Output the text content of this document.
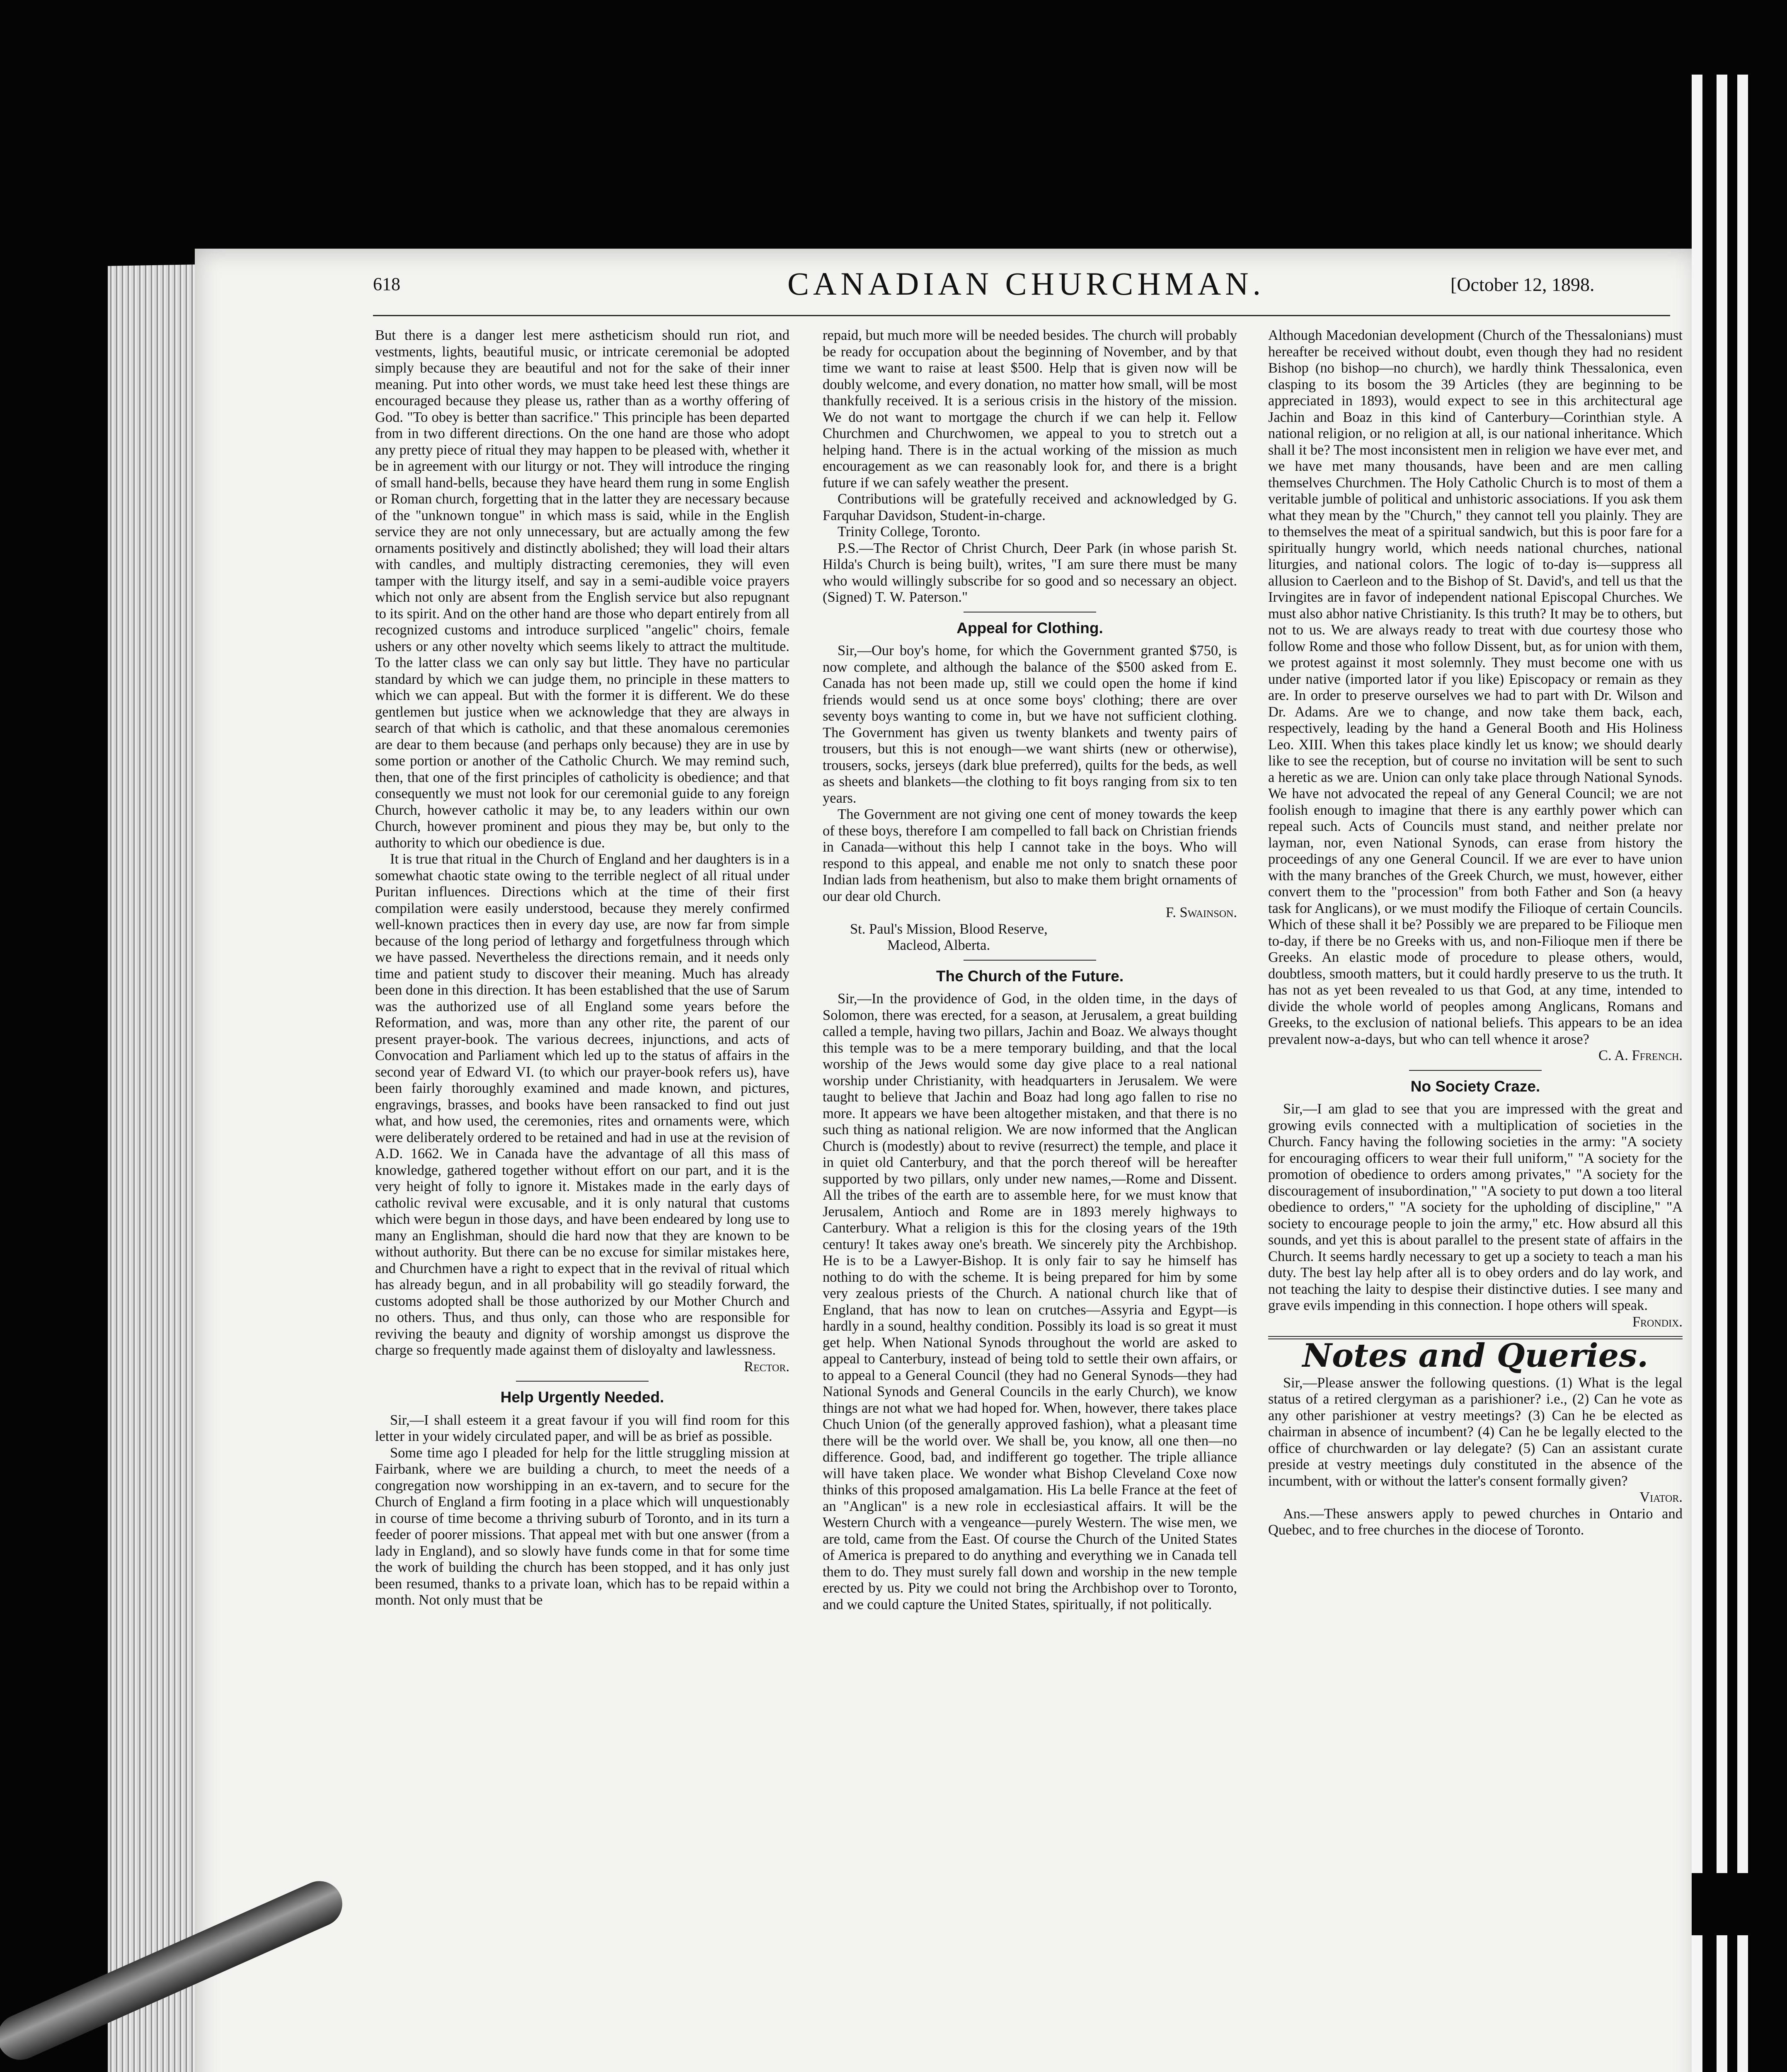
618	CANADIAN CHURCHMAN.	[October 12, 1898.

But there is a danger lest mere astheticism should run riot, and vestments, lights, beautiful music, or intricate ceremonial be adopted simply because they are beautiful and not for the sake of their inner meaning. Put into other words, we must take heed lest these things are encouraged because they please us, rather than as a worthy offering of God. "To obey is better than sacrifice." This principle has been departed from in two different directions. On the one hand are those who adopt any pretty piece of ritual they may happen to be pleased with, whether it be in agreement with our liturgy or not. They will introduce the ringing of small hand-bells, because they have heard them rung in some English or Roman church, forgetting that in the latter they are necessary because of the "unknown tongue" in which mass is said, while in the English service they are not only unnecessary, but are actually among the few ornaments positively and distinctly abolished; they will load their altars with candles, and multiply distracting ceremonies, they will even tamper with the liturgy itself, and say in a semi-audible voice prayers which not only are absent from the English service but also repugnant to its spirit. And on the other hand are those who depart entirely from all recognized customs and introduce surpliced "angelic" choirs, female ushers or any other novelty which seems likely to attract the multitude. To the latter class we can only say but little. They have no particular standard by which we can judge them, no principle in these matters to which we can appeal. But with the former it is different. We do these gentlemen but justice when we acknowledge that they are always in search of that which is catholic, and that these anomalous ceremonies are dear to them because (and perhaps only because) they are in use by some portion or another of the Catholic Church. We may remind such, then, that one of the first principles of catholicity is obedience; and that consequently we must not look for our ceremonial guide to any foreign Church, however catholic it may be, to any leaders within our own Church, however prominent and pious they may be, but only to the authority to which our obedience is due.

It is true that ritual in the Church of England and her daughters is in a somewhat chaotic state owing to the terrible neglect of all ritual under Puritan influences. Directions which at the time of their first compilation were easily understood, because they merely confirmed well-known practices then in every day use, are now far from simple because of the long period of lethargy and forgetfulness through which we have passed. Nevertheless the directions remain, and it needs only time and patient study to discover their meaning. Much has already been done in this direction. It has been established that the use of Sarum was the authorized use of all England some years before the Reformation, and was, more than any other rite, the parent of our present prayer-book. The various decrees, injunctions, and acts of Convocation and Parliament which led up to the status of affairs in the second year of Edward VI. (to which our prayer-book refers us), have been fairly thoroughly examined and made known, and pictures, engravings, brasses, and books have been ransacked to find out just what, and how used, the ceremonies, rites and ornaments were, which were deliberately ordered to be retained and had in use at the revision of A.D. 1662. We in Canada have the advantage of all this mass of knowledge, gathered together without effort on our part, and it is the very height of folly to ignore it. Mistakes made in the early days of catholic revival were excusable, and it is only natural that customs which were begun in those days, and have been endeared by long use to many an Englishman, should die hard now that they are known to be without authority. But there can be no excuse for similar mistakes here, and Churchmen have a right to expect that in the revival of ritual which has already begun, and in all probability will go steadily forward, the customs adopted shall be those authorized by our Mother Church and no others. Thus, and thus only, can those who are responsible for reviving the beauty and dignity of worship amongst us disprove the charge so frequently made against them of disloyalty and lawlessness.

Rector.

Help Urgently Needed.

Sir,—I shall esteem it a great favour if you will find room for this letter in your widely circulated paper, and will be as brief as possible.

Some time ago I pleaded for help for the little struggling mission at Fairbank, where we are building a church, to meet the needs of a congregation now worshipping in an ex-tavern, and to secure for the Church of England a firm footing in a place which will unquestionably in course of time become a thriving suburb of Toronto, and in its turn a feeder of poorer missions. That appeal met with but one answer (from a lady in England), and so slowly have funds come in that for some time the work of building the church has been stopped, and it has only just been resumed, thanks to a private loan, which has to be repaid within a month. Not only must that be

repaid, but much more will be needed besides. The church will probably be ready for occupation about the beginning of November, and by that time we want to raise at least $500. Help that is given now will be doubly welcome, and every donation, no matter how small, will be most thankfully received. It is a serious crisis in the history of the mission. We do not want to mortgage the church if we can help it. Fellow Churchmen and Churchwomen, we appeal to you to stretch out a helping hand. There is in the actual working of the mission as much encouragement as we can reasonably look for, and there is a bright future if we can safely weather the present.

Contributions will be gratefully received and acknowledged by G. Farquhar Davidson, Student-in-charge.

Trinity College, Toronto.

P.S.—The Rector of Christ Church, Deer Park (in whose parish St. Hilda's Church is being built), writes, "I am sure there must be many who would willingly subscribe for so good and so necessary an object. (Signed) T. W. Paterson."

Appeal for Clothing.

Sir,—Our boy's home, for which the Government granted $750, is now complete, and although the balance of the $500 asked from E. Canada has not been made up, still we could open the home if kind friends would send us at once some boys' clothing; there are over seventy boys wanting to come in, but we have not sufficient clothing. The Government has given us twenty blankets and twenty pairs of trousers, but this is not enough—we want shirts (new or otherwise), trousers, socks, jerseys (dark blue preferred), quilts for the beds, as well as sheets and blankets—the clothing to fit boys ranging from six to ten years.

The Government are not giving one cent of money towards the keep of these boys, therefore I am compelled to fall back on Christian friends in Canada—without this help I cannot take in the boys. Who will respond to this appeal, and enable me not only to snatch these poor Indian lads from heathenism, but also to make them bright ornaments of our dear old Church.

F. Swainson.

St. Paul's Mission, Blood Reserve,

Macleod, Alberta.

The Church of the Future.

Sir,—In the providence of God, in the olden time, in the days of Solomon, there was erected, for a season, at Jerusalem, a great building called a temple, having two pillars, Jachin and Boaz. We always thought this temple was to be a mere temporary building, and that the local worship of the Jews would some day give place to a real national worship under Christianity, with headquarters in Jerusalem. We were taught to believe that Jachin and Boaz had long ago fallen to rise no more. It appears we have been altogether mistaken, and that there is no such thing as national religion. We are now informed that the Anglican Church is (modestly) about to revive (resurrect) the temple, and place it in quiet old Canterbury, and that the porch thereof will be hereafter supported by two pillars, only under new names,—Rome and Dissent. All the tribes of the earth are to assemble here, for we must know that Jerusalem, Antioch and Rome are in 1893 merely highways to Canterbury. What a religion is this for the closing years of the 19th century! It takes away one's breath. We sincerely pity the Archbishop. He is to be a Lawyer-Bishop. It is only fair to say he himself has nothing to do with the scheme. It is being prepared for him by some very zealous priests of the Church. A national church like that of England, that has now to lean on crutches—Assyria and Egypt—is hardly in a sound, healthy condition. Possibly its load is so great it must get help. When National Synods throughout the world are asked to appeal to Canterbury, instead of being told to settle their own affairs, or to appeal to a General Council (they had no General Synods—they had National Synods and General Councils in the early Church), we know things are not what we had hoped for. When, however, there takes place Chuch Union (of the generally approved fashion), what a pleasant time there will be the world over. We shall be, you know, all one then—no difference. Good, bad, and indifferent go together. The triple alliance will have taken place. We wonder what Bishop Cleveland Coxe now thinks of this proposed amalgamation. His La belle France at the feet of an "Anglican" is a new role in ecclesiastical affairs. It will be the Western Church with a vengeance—purely Western. The wise men, we are told, came from the East. Of course the Church of the United States of America is prepared to do anything and everything we in Canada tell them to do. They must surely fall down and worship in the new temple erected by us. Pity we could not bring the Archbishop over to Toronto, and we could capture the United States, spiritually, if not politically.

Although Macedonian development (Church of the Thessalonians) must hereafter be received without doubt, even though they had no resident Bishop (no bishop—no church), we hardly think Thessalonica, even clasping to its bosom the 39 Articles (they are beginning to be appreciated in 1893), would expect to see in this architectural age Jachin and Boaz in this kind of Canterbury—Corinthian style. A national religion, or no religion at all, is our national inheritance. Which shall it be? The most inconsistent men in religion we have ever met, and we have met many thousands, have been and are men calling themselves Churchmen. The Holy Catholic Church is to most of them a veritable jumble of political and unhistoric associations. If you ask them what they mean by the "Church," they cannot tell you plainly. They are to themselves the meat of a spiritual sandwich, but this is poor fare for a spiritually hungry world, which needs national churches, national liturgies, and national colors. The logic of to-day is—suppress all allusion to Caerleon and to the Bishop of St. David's, and tell us that the Irvingites are in favor of independent national Episcopal Churches. We must also abhor native Christianity. Is this truth? It may be to others, but not to us. We are always ready to treat with due courtesy those who follow Rome and those who follow Dissent, but, as for union with them, we protest against it most solemnly. They must become one with us under native (imported lator if you like) Episcopacy or remain as they are. In order to preserve ourselves we had to part with Dr. Wilson and Dr. Adams. Are we to change, and now take them back, each, respectively, leading by the hand a General Booth and His Holiness Leo. XIII. When this takes place kindly let us know; we should dearly like to see the reception, but of course no invitation will be sent to such a heretic as we are. Union can only take place through National Synods. We have not advocated the repeal of any General Council; we are not foolish enough to imagine that there is any earthly power which can repeal such. Acts of Councils must stand, and neither prelate nor layman, nor, even National Synods, can erase from history the proceedings of any one General Council. If we are ever to have union with the many branches of the Greek Church, we must, however, either convert them to the "procession" from both Father and Son (a heavy task for Anglicans), or we must modify the Filioque of certain Councils. Which of these shall it be? Possibly we are prepared to be Filioque men to-day, if there be no Greeks with us, and non-Filioque men if there be Greeks. An elastic mode of procedure to please others, would, doubtless, smooth matters, but it could hardly preserve to us the truth. It has not as yet been revealed to us that God, at any time, intended to divide the whole world of peoples among Anglicans, Romans and Greeks, to the exclusion of national beliefs. This appears to be an idea prevalent now-a-days, but who can tell whence it arose?

C. A. Ffrench.

No Society Craze.

Sir,—I am glad to see that you are impressed with the great and growing evils connected with a multiplication of societies in the Church. Fancy having the following societies in the army: "A society for encouraging officers to wear their full uniform," "A society for the promotion of obedience to orders among privates," "A society for the discouragement of insubordination," "A society to put down a too literal obedience to orders," "A society for the upholding of discipline," "A society to encourage people to join the army," etc. How absurd all this sounds, and yet this is about parallel to the present state of affairs in the Church. It seems hardly necessary to get up a society to teach a man his duty. The best lay help after all is to obey orders and do lay work, and not teaching the laity to despise their distinctive duties. I see many and grave evils impending in this connection. I hope others will speak.

Frondix.

Notes and Queries.

Sir,—Please answer the following questions. (1) What is the legal status of a retired clergyman as a parishioner? i.e., (2) Can he vote as any other parishioner at vestry meetings? (3) Can he be elected as chairman in absence of incumbent? (4) Can he be legally elected to the office of churchwarden or lay delegate? (5) Can an assistant curate preside at vestry meetings duly constituted in the absence of the incumbent, with or without the latter's consent formally given?

Viator.

Ans.—These answers apply to pewed churches in Ontario and Quebec, and to free churches in the diocese of Toronto.
